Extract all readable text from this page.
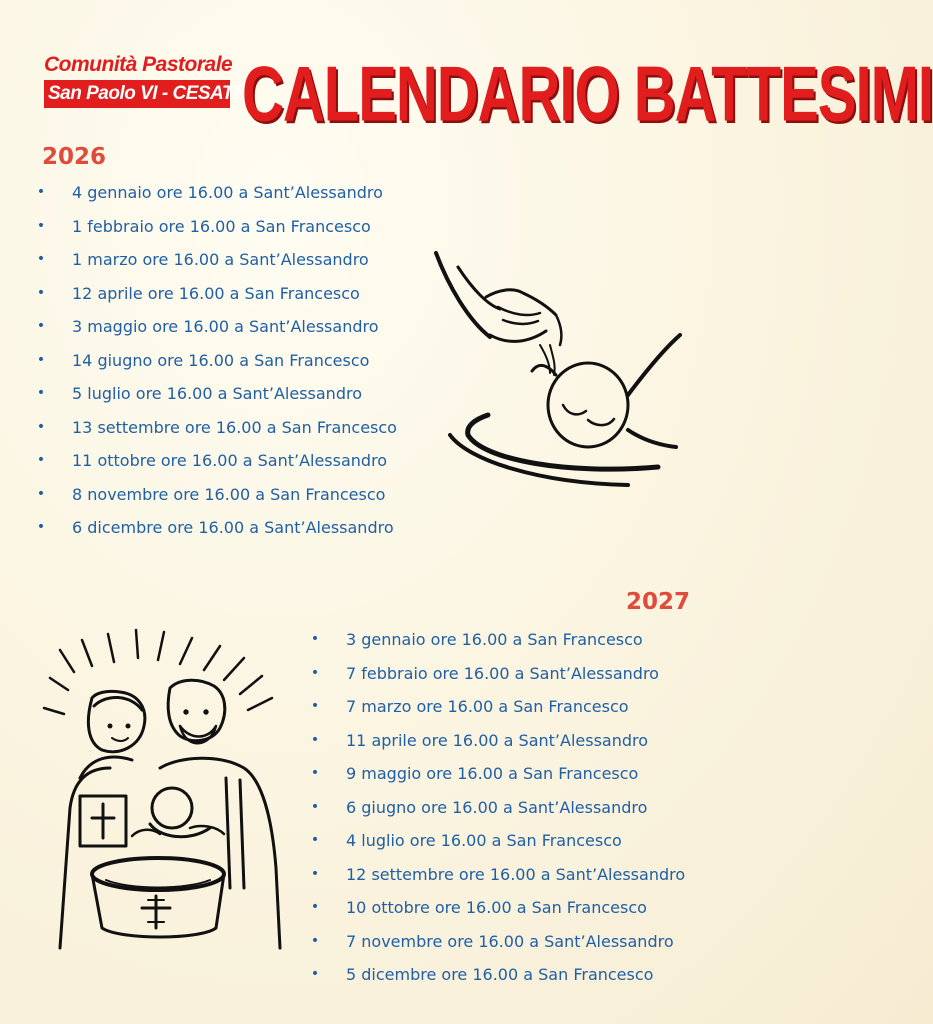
Comunità Pastorale
San Paolo VI - CESATE
CALENDARIO BATTESIMI
2026
• 4 gennaio ore 16.00 a Sant’Alessandro
• 1 febbraio ore 16.00 a San Francesco
• 1 marzo ore 16.00 a Sant’Alessandro
• 12 aprile ore 16.00 a San Francesco
• 3 maggio ore 16.00 a Sant’Alessandro
• 14 giugno ore 16.00 a San Francesco
• 5 luglio ore 16.00 a Sant’Alessandro
• 13 settembre ore 16.00 a San Francesco
• 11 ottobre ore 16.00 a Sant’Alessandro
• 8 novembre ore 16.00 a San Francesco
• 6 dicembre ore 16.00 a Sant’Alessandro
2027
• 3 gennaio ore 16.00 a San Francesco
• 7 febbraio ore 16.00 a Sant’Alessandro
• 7 marzo ore 16.00 a San Francesco
• 11 aprile ore 16.00 a Sant’Alessandro
• 9 maggio ore 16.00 a San Francesco
• 6 giugno ore 16.00 a Sant’Alessandro
• 4 luglio ore 16.00 a San Francesco
• 12 settembre ore 16.00 a Sant’Alessandro
• 10 ottobre ore 16.00 a San Francesco
• 7 novembre ore 16.00 a Sant’Alessandro
• 5 dicembre ore 16.00 a San Francesco
